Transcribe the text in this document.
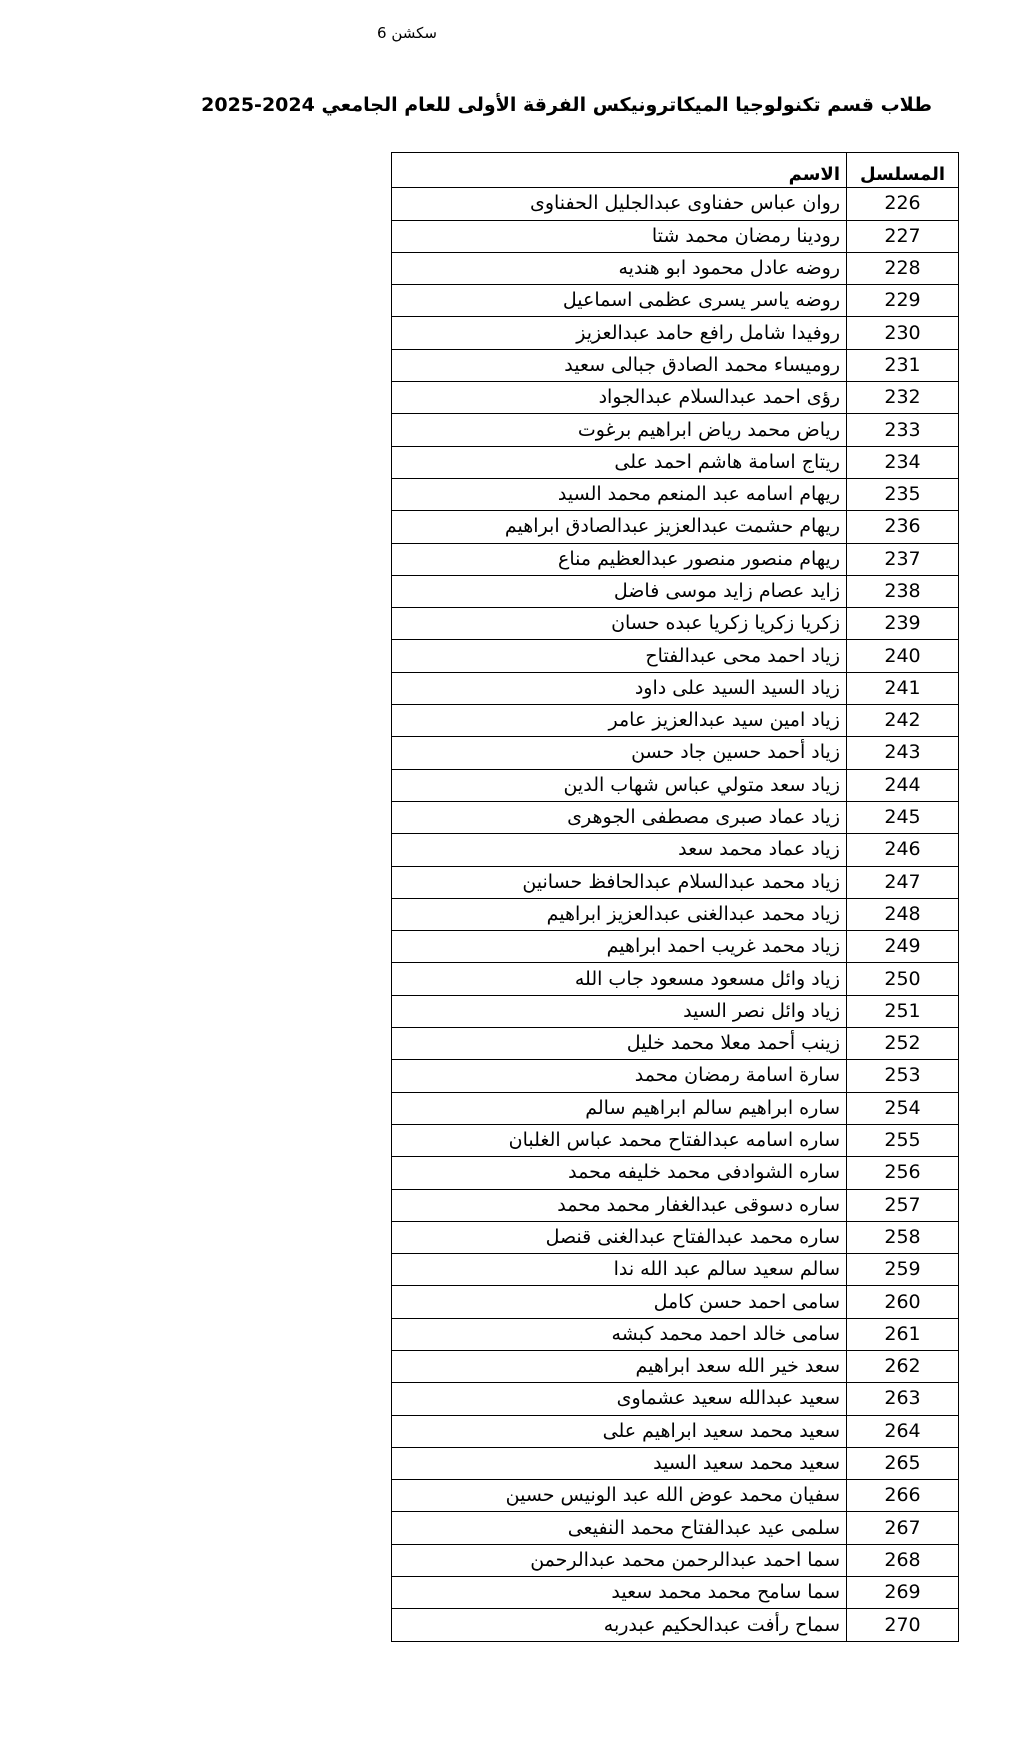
سكشن 6
طلاب قسم تكنولوجيا الميكاترونيكس الفرقة الأولى للعام الجامعي 2024-2025
المسلسل	الاسم
226	روان عباس حفناوى عبدالجليل الحفناوى
227	رودينا رمضان محمد شتا
228	روضه عادل محمود ابو هنديه
229	روضه ياسر يسرى عظمى اسماعيل
230	روفيدا شامل رافع حامد عبدالعزيز
231	روميساء محمد الصادق جبالى سعيد
232	رؤى احمد عبدالسلام عبدالجواد
233	رياض محمد رياض ابراهيم برغوت
234	ريتاج اسامة هاشم احمد على
235	ريهام اسامه عبد المنعم محمد السيد
236	ريهام حشمت عبدالعزيز عبدالصادق ابراهيم
237	ريهام منصور منصور عبدالعظيم مناع
238	زايد عصام زايد موسى فاضل
239	زكريا زكريا زكريا عبده حسان
240	زياد احمد محى عبدالفتاح
241	زياد السيد السيد على داود
242	زياد امين سيد عبدالعزيز عامر
243	زياد أحمد حسين جاد حسن
244	زياد سعد متولي عباس شهاب الدين
245	زياد عماد صبرى مصطفى الجوهرى
246	زياد عماد محمد سعد
247	زياد محمد عبدالسلام عبدالحافظ حسانين
248	زياد محمد عبدالغنى عبدالعزيز ابراهيم
249	زياد محمد غريب احمد ابراهيم
250	زياد وائل مسعود مسعود جاب الله
251	زياد وائل نصر السيد
252	زينب أحمد معلا محمد خليل
253	سارة اسامة رمضان محمد
254	ساره ابراهيم سالم ابراهيم سالم
255	ساره اسامه عبدالفتاح محمد عباس الغلبان
256	ساره الشوادفى محمد خليفه محمد
257	ساره دسوقى عبدالغفار محمد محمد
258	ساره محمد عبدالفتاح عبدالغنى قنصل
259	سالم سعيد سالم عبد الله ندا
260	سامى احمد حسن كامل
261	سامى خالد احمد محمد كبشه
262	سعد خير الله سعد ابراهيم
263	سعيد عبدالله سعيد عشماوى
264	سعيد محمد سعيد ابراهيم على
265	سعيد محمد سعيد السيد
266	سفيان محمد عوض الله عبد الونيس حسين
267	سلمى عيد عبدالفتاح محمد النفيعى
268	سما احمد عبدالرحمن محمد عبدالرحمن
269	سما سامح محمد محمد سعيد
270	سماح رأفت عبدالحكيم عبدربه
